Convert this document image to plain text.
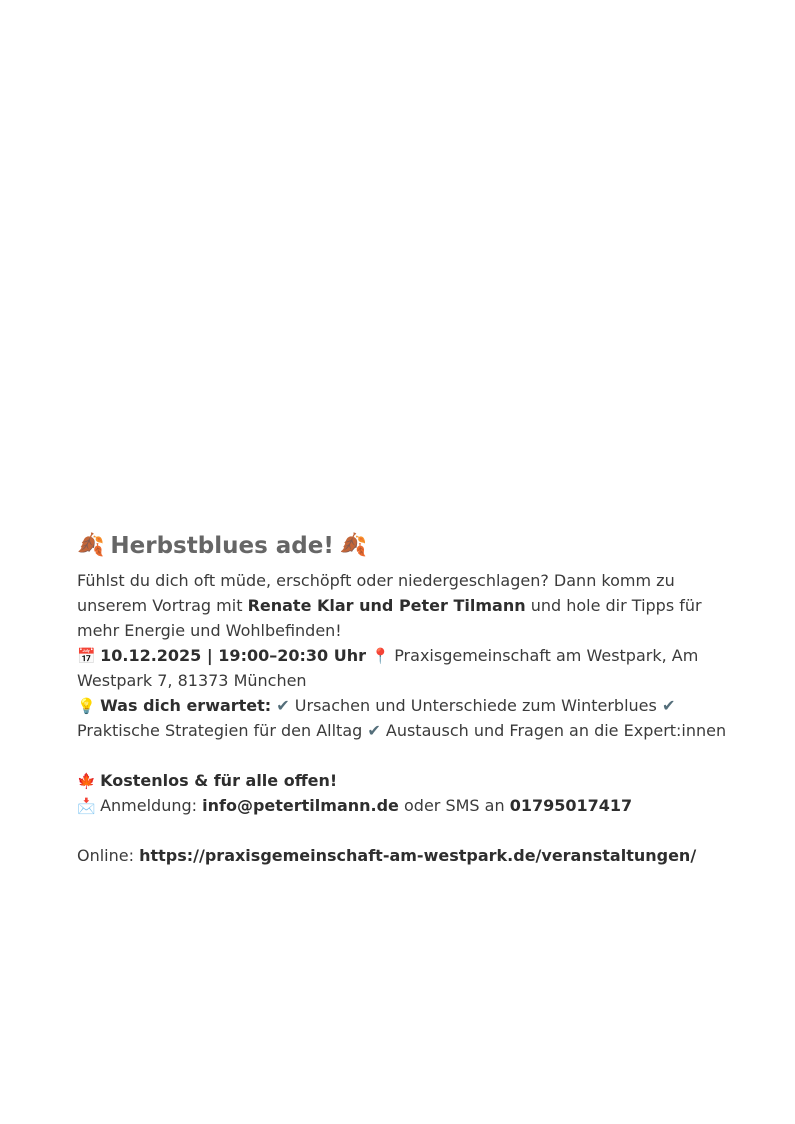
🍂 Herbstblues ade! 🍂

Fühlst du dich oft müde, erschöpft oder niedergeschlagen? Dann komm zu unserem Vortrag mit Renate Klar und Peter Tilmann und hole dir Tipps für mehr Energie und Wohlbefinden!

📅 10.12.2025 | 19:00–20:30 Uhr 📍 Praxisgemeinschaft am Westpark, Am Westpark 7, 81373 München

💡 Was dich erwartet: ✔ Ursachen und Unterschiede zum Winterblues ✔ Praktische Strategien für den Alltag ✔ Austausch und Fragen an die Expert:innen

🍁 Kostenlos & für alle offen!

📩 Anmeldung: info@petertilmann.de oder SMS an 01795017417

Online: https://praxisgemeinschaft-am-westpark.de/veranstaltungen/
